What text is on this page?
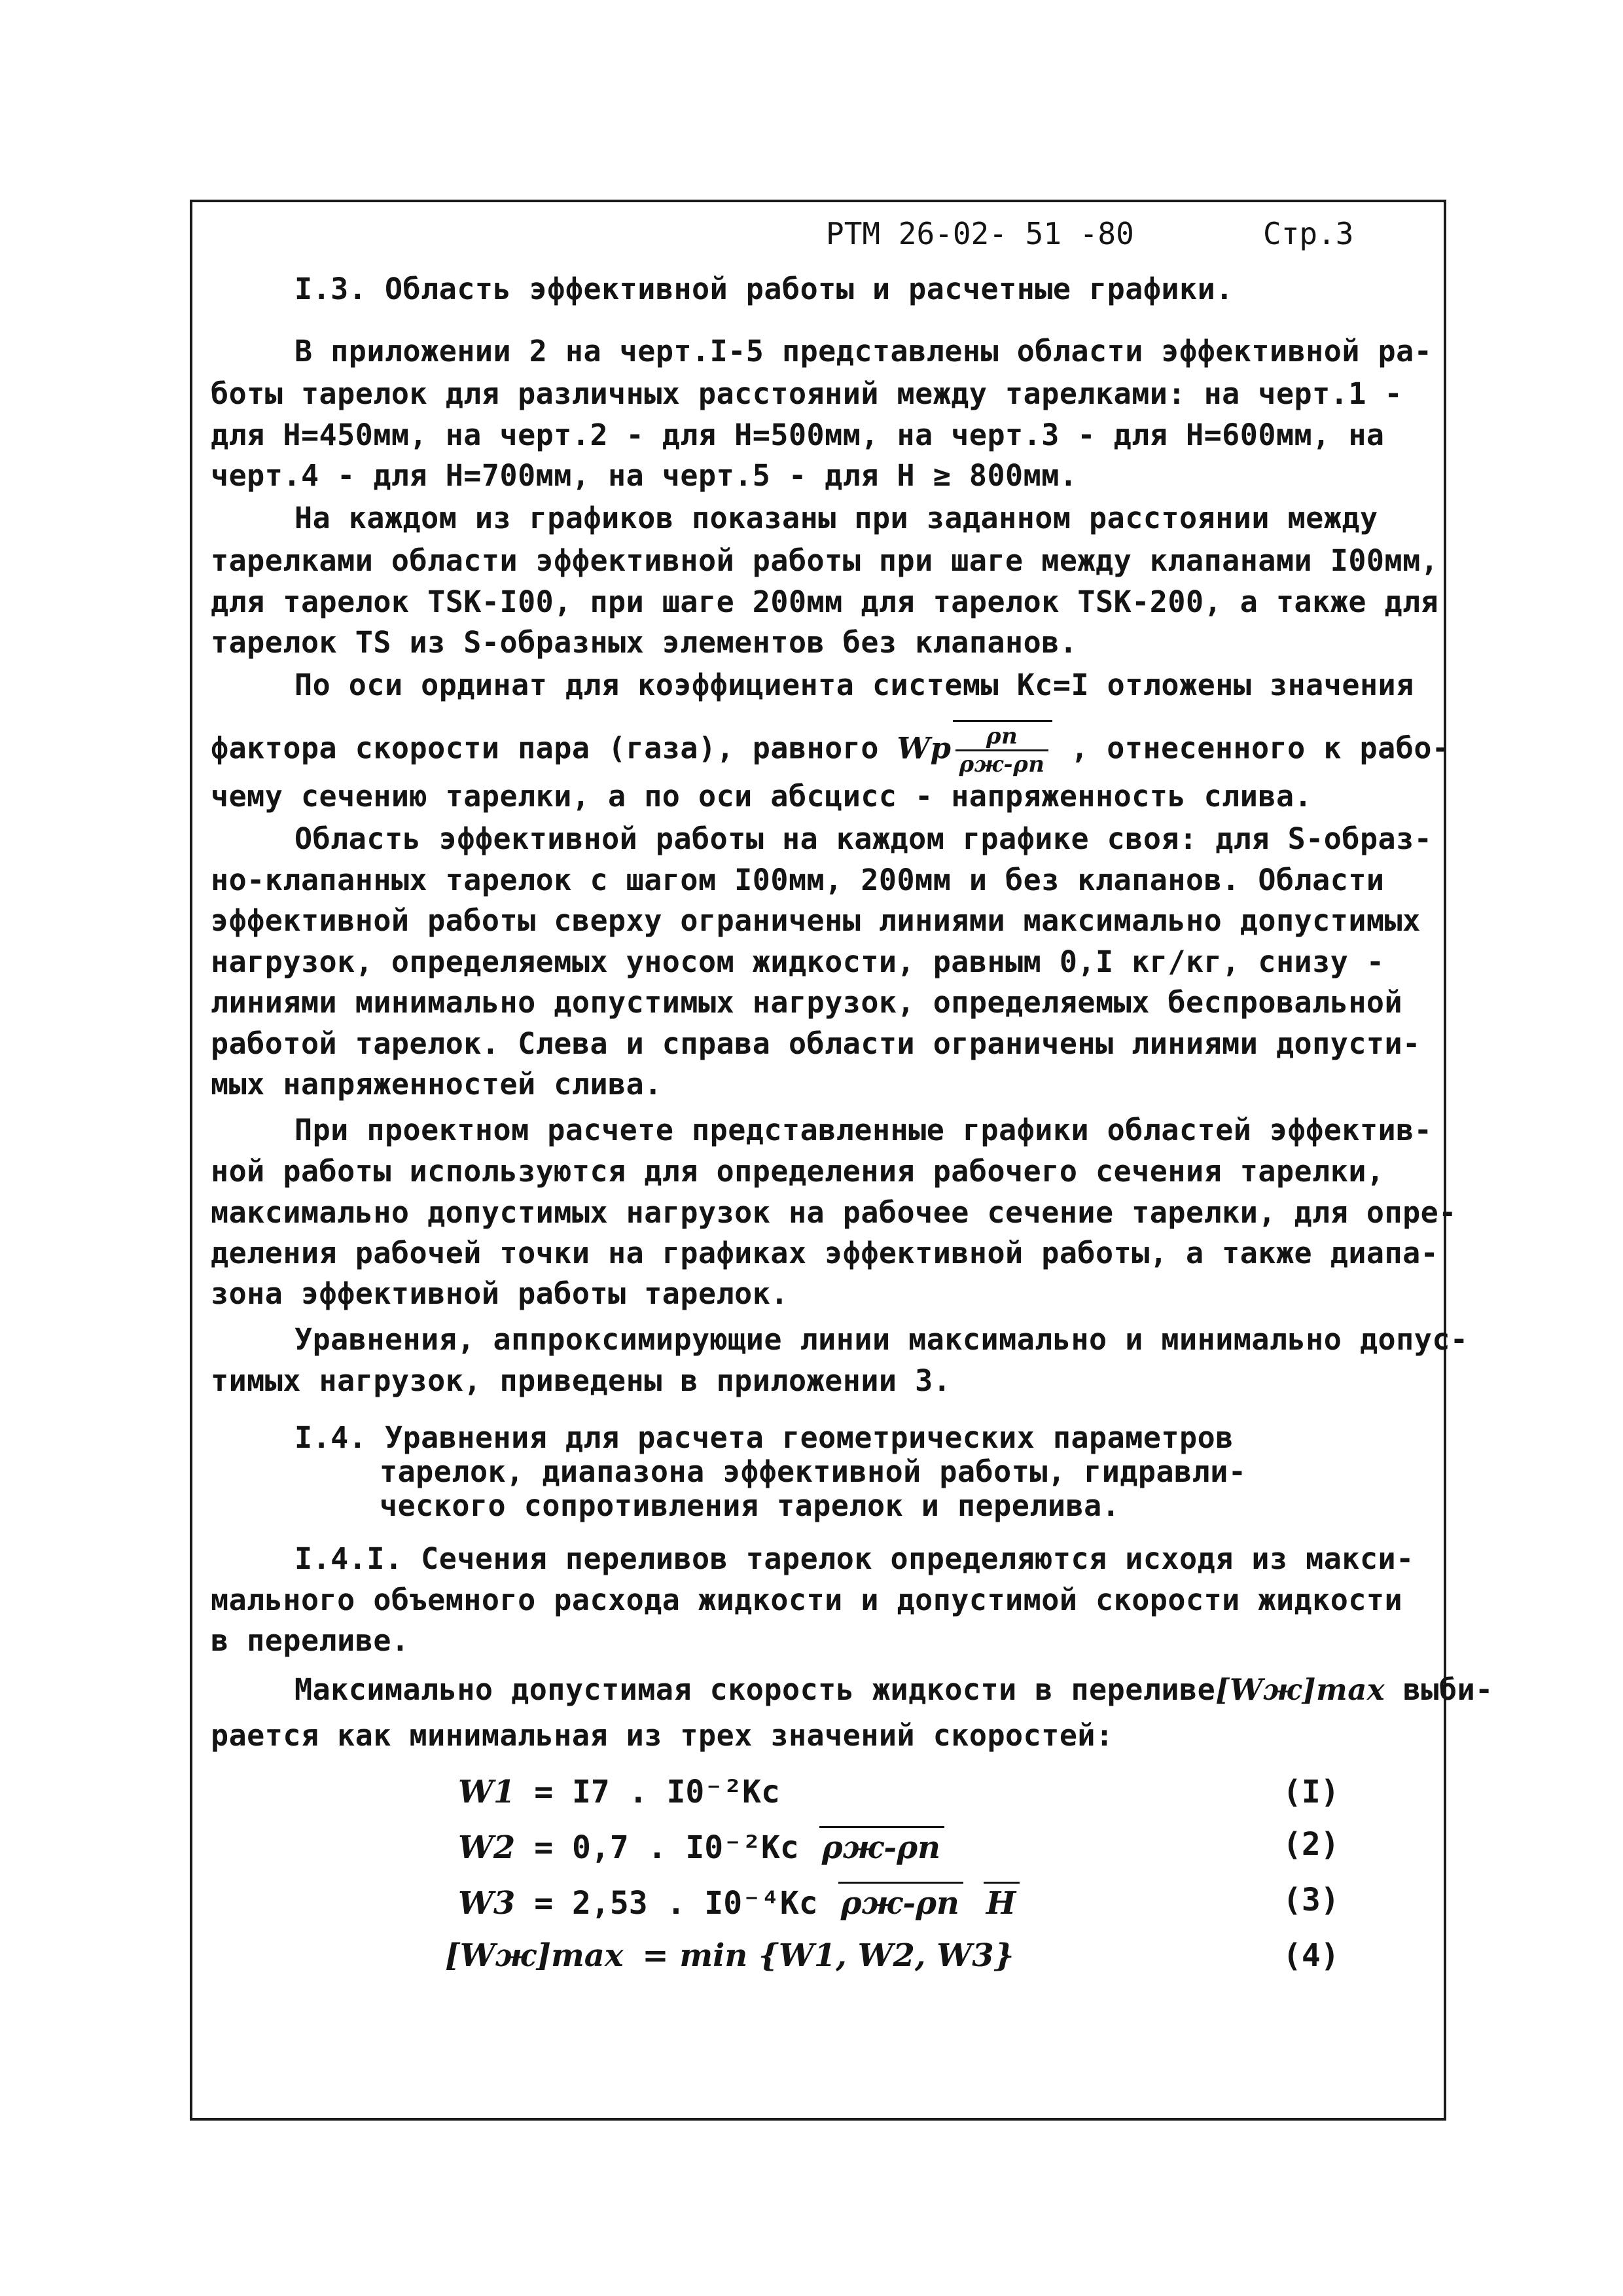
РТМ 26-02- 51 -80	Стр.3
I.3. Область эффективной работы и расчетные графики.
В приложении 2 на черт.I-5 представлены области эффективной ра-
боты тарелок для различных расстояний между тарелками: на черт.1 -
для Н=450мм, на черт.2 - для Н=500мм, на черт.3 - для Н=600мм, на
черт.4 - для Н=700мм, на черт.5 - для Н ≥ 800мм.
На каждом из графиков показаны при заданном расстоянии между
тарелками области эффективной работы при шаге между клапанами I00мм,
для тарелок ТSК-I00, при шаге 200мм для тарелок ТSК-200, а также для
тарелок ТS из S-образных элементов без клапанов.
По оси ординат для коэффициента системы Кс=I отложены значения
фактора скорости пара (газа), равного Wp $\frac{\rho п}{\rho ж-\rho п}$ , отнесенного к рабо-
чему сечению тарелки, а по оси абсцисс - напряженность слива.
Область эффективной работы на каждом графике своя: для S-образ-
но-клапанных тарелок с шагом I00мм, 200мм и без клапанов. Области
эффективной работы сверху ограничены линиями максимально допустимых
нагрузок, определяемых уносом жидкости, равным 0,I кг/кг, снизу -
линиями минимально допустимых нагрузок, определяемых беспровальной
работой тарелок. Слева и справа области ограничены линиями допусти-
мых напряженностей слива.
При проектном расчете представленные графики областей эффектив-
ной работы используются для определения рабочего сечения тарелки,
максимально допустимых нагрузок на рабочее сечение тарелки, для опре-
деления рабочей точки на графиках эффективной работы, а также диапа-
зона эффективной работы тарелок.
Уравнения, аппроксимирующие линии максимально и минимально допус-
тимых нагрузок, приведены в приложении 3.
I.4. Уравнения для расчета геометрических параметров
тарелок, диапазона эффективной работы, гидравли-
ческого сопротивления тарелок и перелива.
I.4.I. Сечения переливов тарелок определяются исходя из макси-
мального объемного расхода жидкости и допустимой скорости жидкости
в переливе.
Максимально допустимая скорость жидкости в переливе[Wж]max выби-
рается как минимальная из трех значений скоростей:
W1 = I7 . I0⁻²Кс	(I)
W2 = 0,7 . I0⁻²Кс ρж-ρп	(2)
W3 = 2,53 . I0⁻⁴Кс ρж-ρп H	(3)
[Wж]max = min {W1, W2, W3}	(4)
